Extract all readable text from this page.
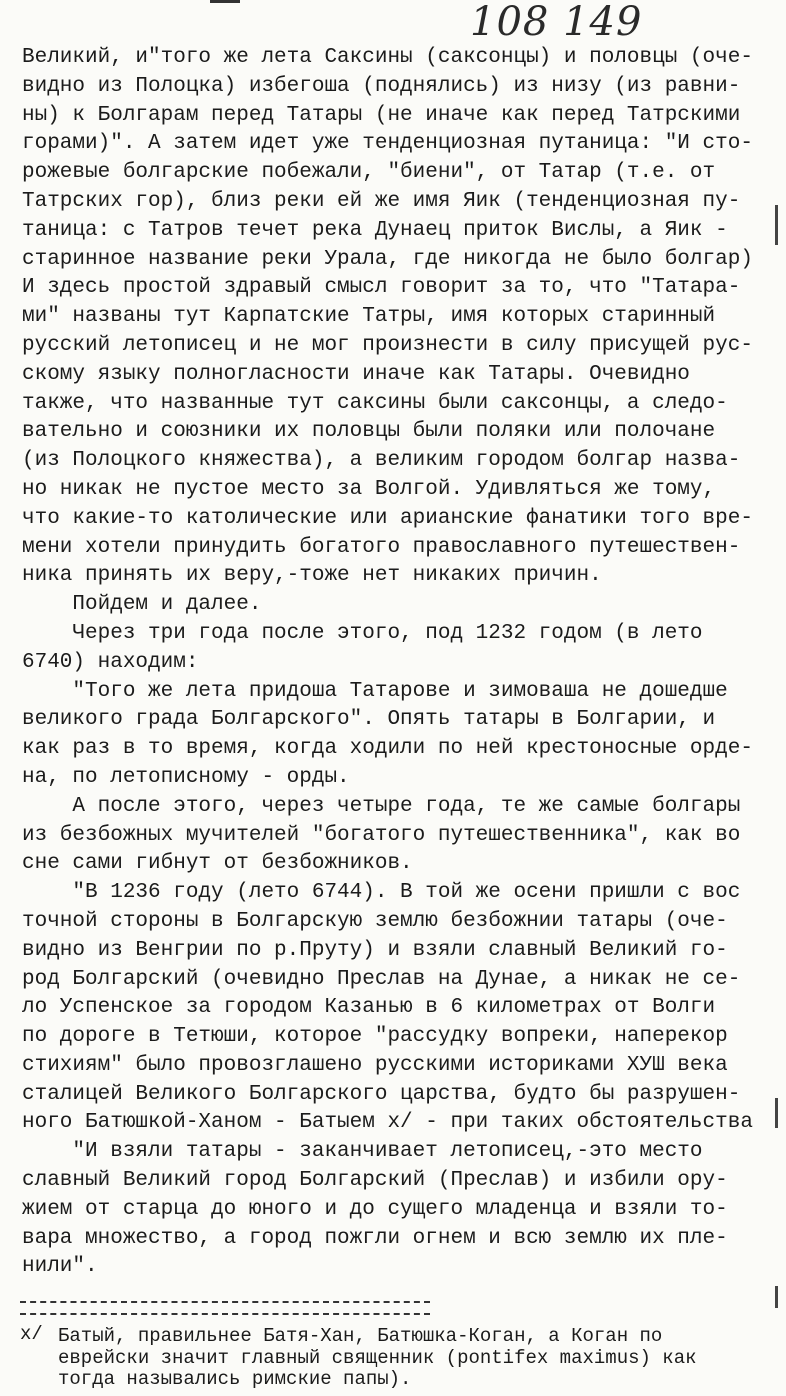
108 149
Великий, и"того же лета Саксины (саксонцы) и половцы (оче-
видно из Полоцка) избегоша (поднялись) из низу (из равни-
ны) к Болгарам перед Татары (не иначе как перед Татрскими
горами)". А затем идет уже тенденциозная путаница: "И сто-
рожевые болгарские побежали, "биени", от Татар (т.е. от
Татрских гор), близ реки ей же имя Яик (тенденциозная пу-
таница: с Татров течет река Дунаец приток Вислы, а Яик -
старинное название реки Урала, где никогда не было болгар)
И здесь простой здравый смысл говорит за то, что "Татара-
ми" названы тут Карпатские Татры, имя которых старинный
русский летописец и не мог произнести в силу присущей рус-
скому языку полногласности иначе как Татары. Очевидно
также, что названные тут саксины были саксонцы, а следо-
вательно и союзники их половцы были поляки или полочане
(из Полоцкого княжества), а великим городом болгар назва-
но никак не пустое место за Волгой. Удивляться же тому,
что какие-то католические или арианские фанатики того вре-
мени хотели принудить богатого православного путешествен-
ника принять их веру,-тоже нет никаких причин.
Пойдем и далее.
Через три года после этого, под 1232 годом (в лето
6740) находим:
"Того же лета придоша Татарове и зимоваша не дошедше
великого града Болгарского". Опять татары в Болгарии, и
как раз в то время, когда ходили по ней крестоносные орде-
на, по летописному - орды.
А после этого, через четыре года, те же самые болгары
из безбожных мучителей "богатого путешественника", как во
сне сами гибнут от безбожников.
"В 1236 году (лето 6744). В той же осени пришли с вос
точной стороны в Болгарскую землю безбожнии татары (оче-
видно из Венгрии по р.Пруту) и взяли славный Великий го-
род Болгарский (очевидно Преслав на Дунае, а никак не се-
ло Успенское за городом Казанью в 6 километрах от Волги
по дороге в Тетюши, которое "рассудку вопреки, наперекор
стихиям" было провозглашено русскими историками ХУШ века
сталицей Великого Болгарского царства, будто бы разрушен-
ного Батюшкой-Ханом - Батыем x/ - при таких обстоятельства
"И взяли татары - заканчивает летописец,-это место
славный Великий город Болгарский (Преслав) и избили ору-
жием от старца до юного и до сущего младенца и взяли то-
вара множество, а город пожгли огнем и всю землю их пле-
нили".
x/ Батый, правильнее Батя-Хан, Батюшка-Коган, а Коган по
еврейски значит главный священник (pontifex maximus) как
тогда назывались римские папы).
